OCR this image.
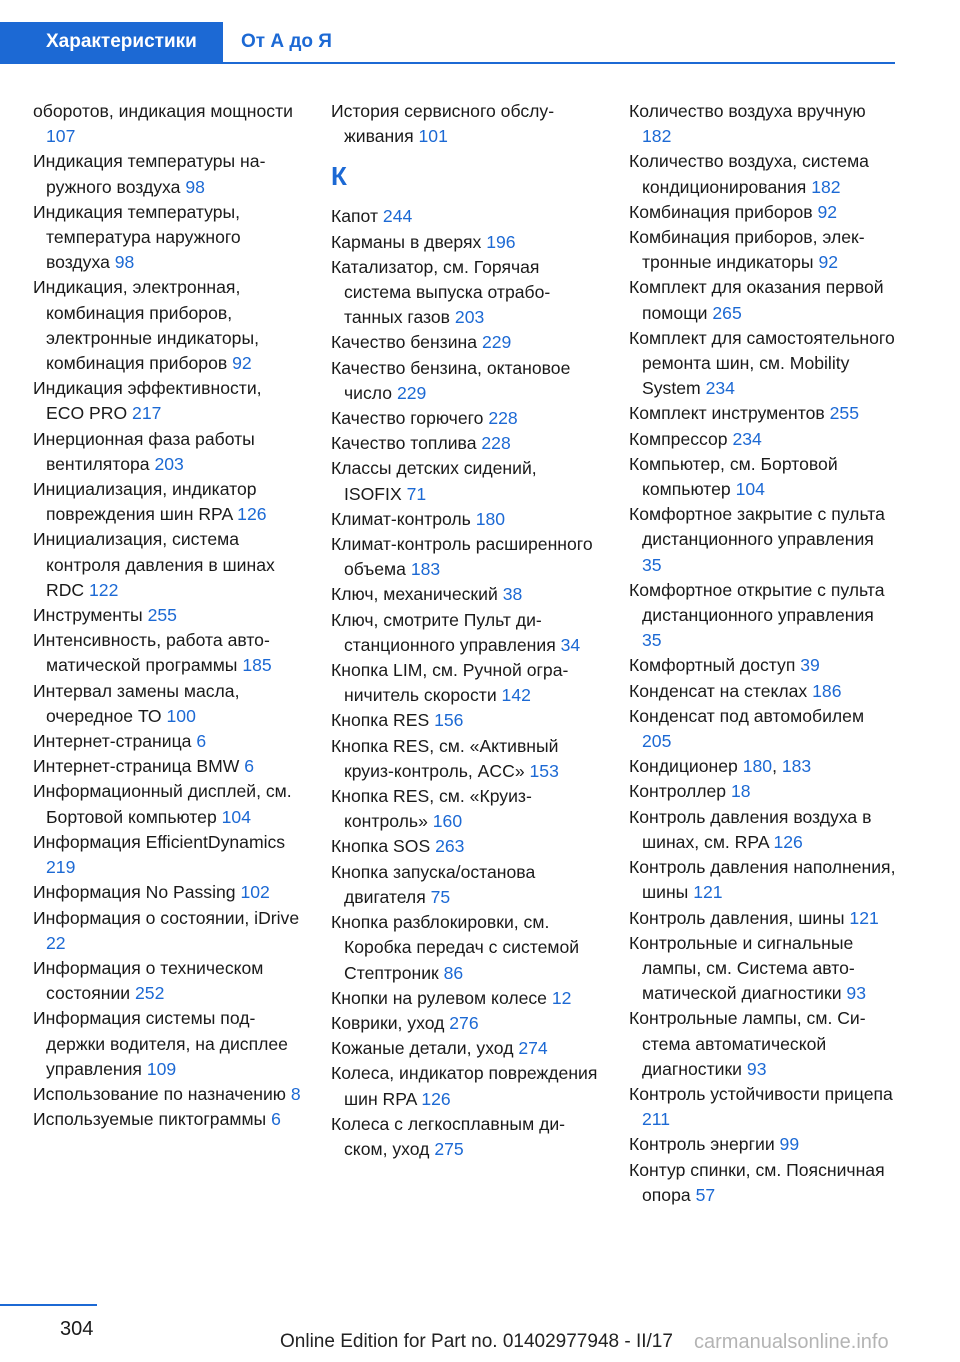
Характеристики	От А до Я
оборотов, индикация мощности 107
Индикация температуры наружного воздуха 98
Индикация температуры, температура наружного воздуха 98
Индикация, электронная, комбинация приборов, электронные индикаторы, комбинация приборов 92
Индикация эффективности, ECO PRO 217
Инерционная фаза работы вентилятора 203
Инициализация, индикатор повреждения шин RPA 126
Инициализация, система контроля давления в шинах RDC 122
Инструменты 255
Интенсивность, работа автоматической программы 185
Интервал замены масла, очередное ТО 100
Интернет-страница 6
Интернет-страница BMW 6
Информационный дисплей, см. Бортовой компьютер 104
Информация EfficientDynamics 219
Информация No Passing 102
Информация о состоянии, iDrive 22
Информация о техническом состоянии 252
Информация системы поддержки водителя, на дисплее управления 109
Использование по назначению 8
Используемые пиктограммы 6
История сервисного обслуживания 101
К
Капот 244
Карманы в дверях 196
Катализатор, см. Горячая система выпуска отработанных газов 203
Качество бензина 229
Качество бензина, октановое число 229
Качество горючего 228
Качество топлива 228
Классы детских сидений, ISOFIX 71
Климат-контроль 180
Климат-контроль расширенного объема 183
Ключ, механический 38
Ключ, смотрите Пульт дистанционного управления 34
Кнопка LIM, см. Ручной ограничитель скорости 142
Кнопка RES 156
Кнопка RES, см. «Активный круиз-контроль, ACC» 153
Кнопка RES, см. «Круиз-контроль» 160
Кнопка SOS 263
Кнопка запуска/останова двигателя 75
Кнопка разблокировки, см. Коробка передач с системой Стептроник 86
Кнопки на рулевом колесе 12
Коврики, уход 276
Кожаные детали, уход 274
Колеса, индикатор повреждения шин RPA 126
Колеса с легкосплавным диском, уход 275
Количество воздуха вручную 182
Количество воздуха, система кондиционирования 182
Комбинация приборов 92
Комбинация приборов, электронные индикаторы 92
Комплект для оказания первой помощи 265
Комплект для самостоятельного ремонта шин, см. Mobility System 234
Комплект инструментов 255
Компрессор 234
Компьютер, см. Бортовой компьютер 104
Комфортное закрытие с пульта дистанционного управления 35
Комфортное открытие с пульта дистанционного управления 35
Комфортный доступ 39
Конденсат на стеклах 186
Конденсат под автомобилем 205
Кондиционер 180, 183
Контроллер 18
Контроль давления воздуха в шинах, см. RPA 126
Контроль давления наполнения, шины 121
Контроль давления, шины 121
Контрольные и сигнальные лампы, см. Система автоматической диагностики 93
Контрольные лампы, см. Система автоматической диагностики 93
Контроль устойчивости прицепа 211
Контроль энергии 99
Контур спинки, см. Поясничная опора 57
304
Online Edition for Part no. 01402977948 - II/17 carmanualsonline.info
